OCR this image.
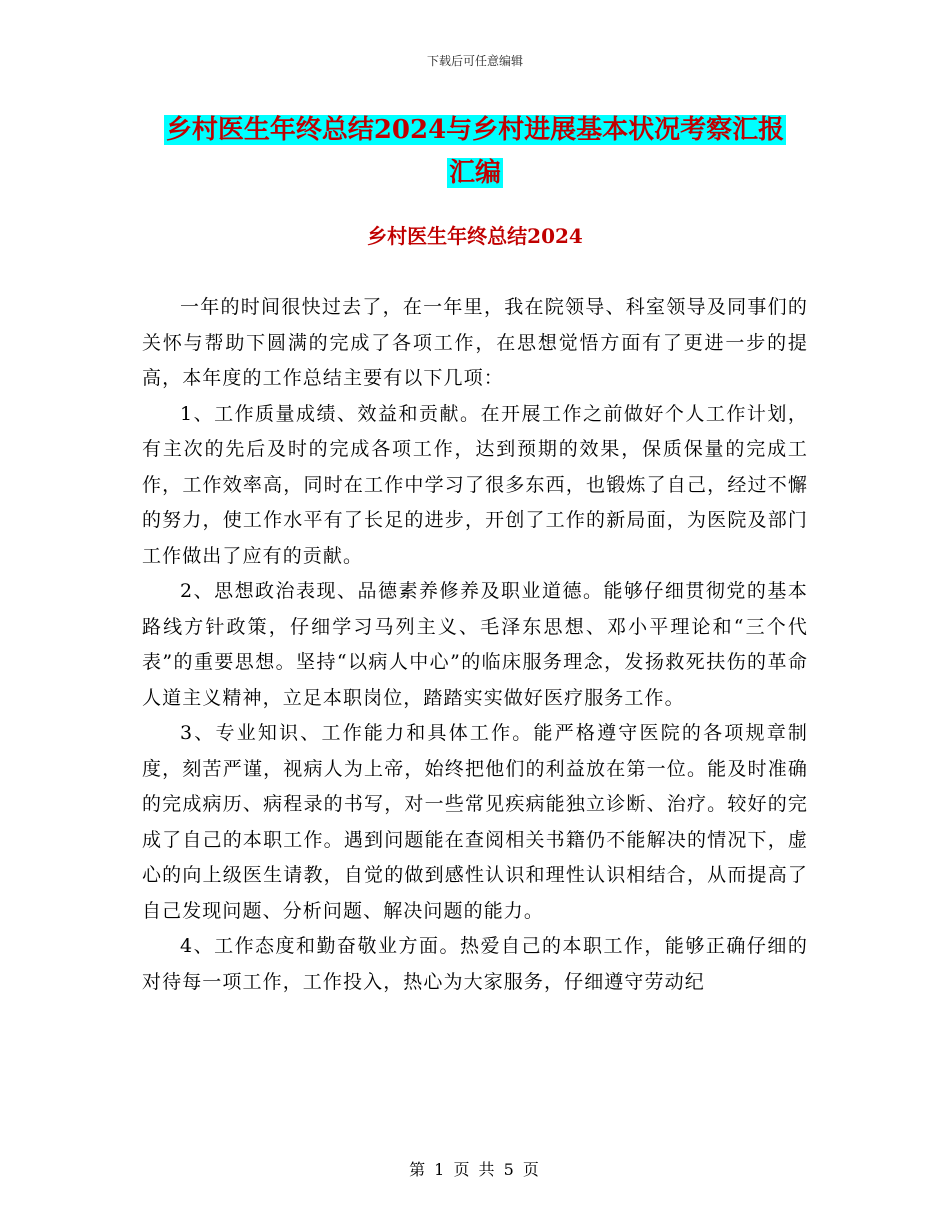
下载后可任意编辑
乡村医生年终总结2024与乡村进展基本状况考察汇报
汇编
乡村医生年终总结2024

一年的时间很快过去了，在一年里，我在院领导、科室领导及同事们的关怀与帮助下圆满的完成了各项工作，在思想觉悟方面有了更进一步的提高，本年度的工作总结主要有以下几项：

1、工作质量成绩、效益和贡献。在开展工作之前做好个人工作计划，有主次的先后及时的完成各项工作，达到预期的效果，保质保量的完成工作，工作效率高，同时在工作中学习了很多东西，也锻炼了自己，经过不懈的努力，使工作水平有了长足的进步，开创了工作的新局面，为医院及部门工作做出了应有的贡献。

2、思想政治表现、品德素养修养及职业道德。能够仔细贯彻党的基本路线方针政策，仔细学习马列主义、毛泽东思想、邓小平理论和“三个代表”的重要思想。坚持“以病人中心”的临床服务理念，发扬救死扶伤的革命人道主义精神，立足本职岗位，踏踏实实做好医疗服务工作。

3、专业知识、工作能力和具体工作。能严格遵守医院的各项规章制度，刻苦严谨，视病人为上帝，始终把他们的利益放在第一位。能及时准确的完成病历、病程录的书写，对一些常见疾病能独立诊断、治疗。较好的完成了自己的本职工作。遇到问题能在查阅相关书籍仍不能解决的情况下，虚心的向上级医生请教，自觉的做到感性认识和理性认识相结合，从而提高了自己发现问题、分析问题、解决问题的能力。

4、工作态度和勤奋敬业方面。热爱自己的本职工作，能够正确仔细的对待每一项工作，工作投入，热心为大家服务，仔细遵守劳动纪

第 1 页 共 5 页
